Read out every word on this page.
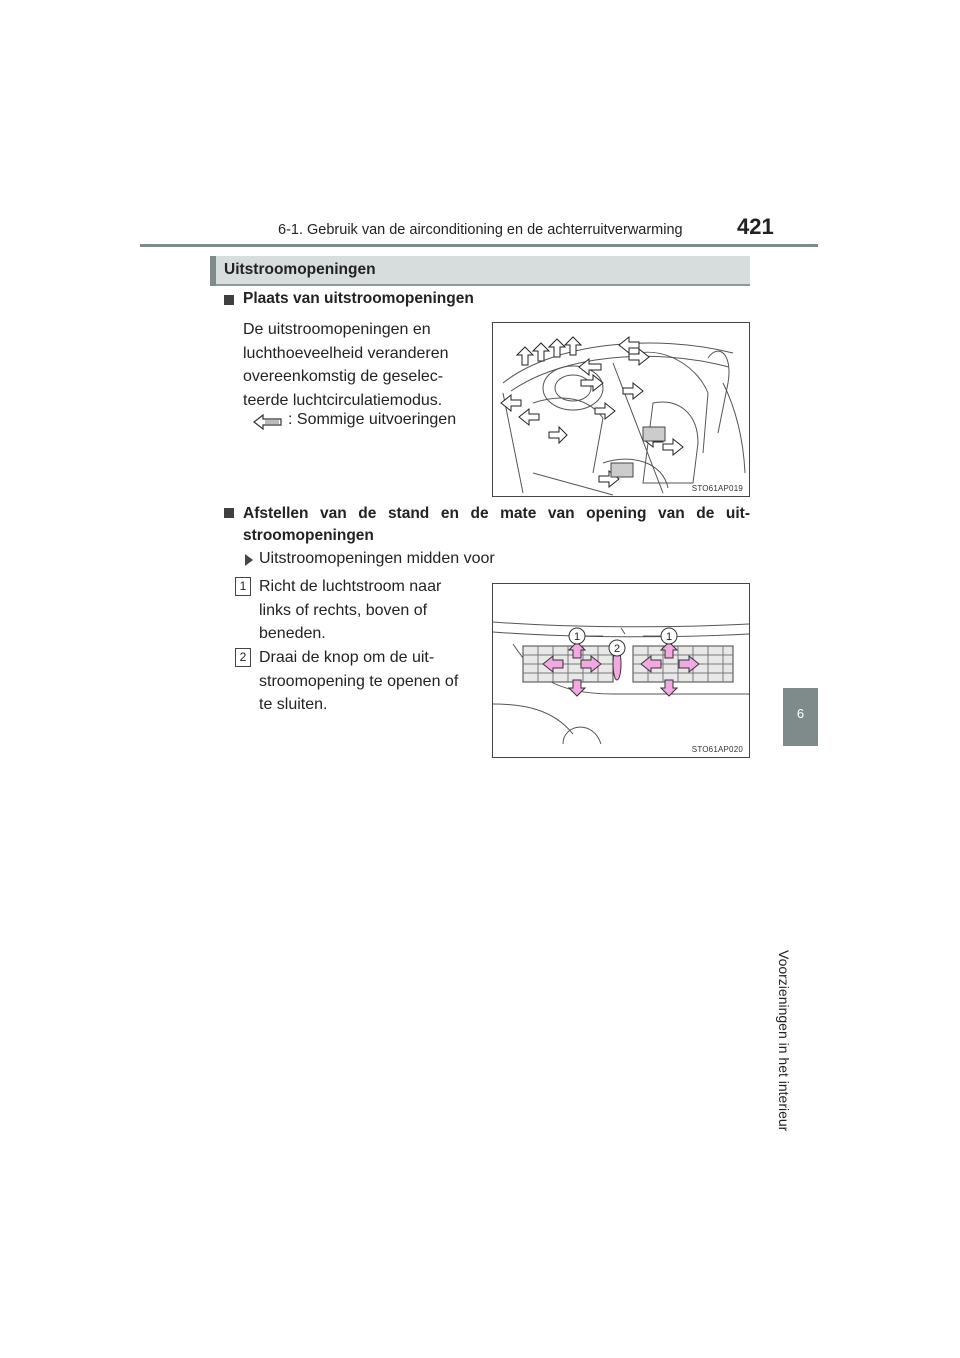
6-1. Gebruik van de airconditioning en de achterruitverwarming 421
6
Voorzieningen in het interieur
Uitstroomopeningen
Plaats van uitstroomopeningen
De uitstroomopeningen en
luchthoeveelheid veranderen
overeenkomstig de geselec-
teerde luchtcirculatiemodus.
: Sommige uitvoeringen
STO61AP019
Afstellen van de stand en de mate van opening van de uit-
stroomopeningen
Uitstroomopeningen midden voor
1 Richt de luchtstroom naar
links of rechts, boven of
beneden.
2 Draai de knop om de uit-
stroomopening te openen of
te sluiten.
1
2
1
STO61AP020
